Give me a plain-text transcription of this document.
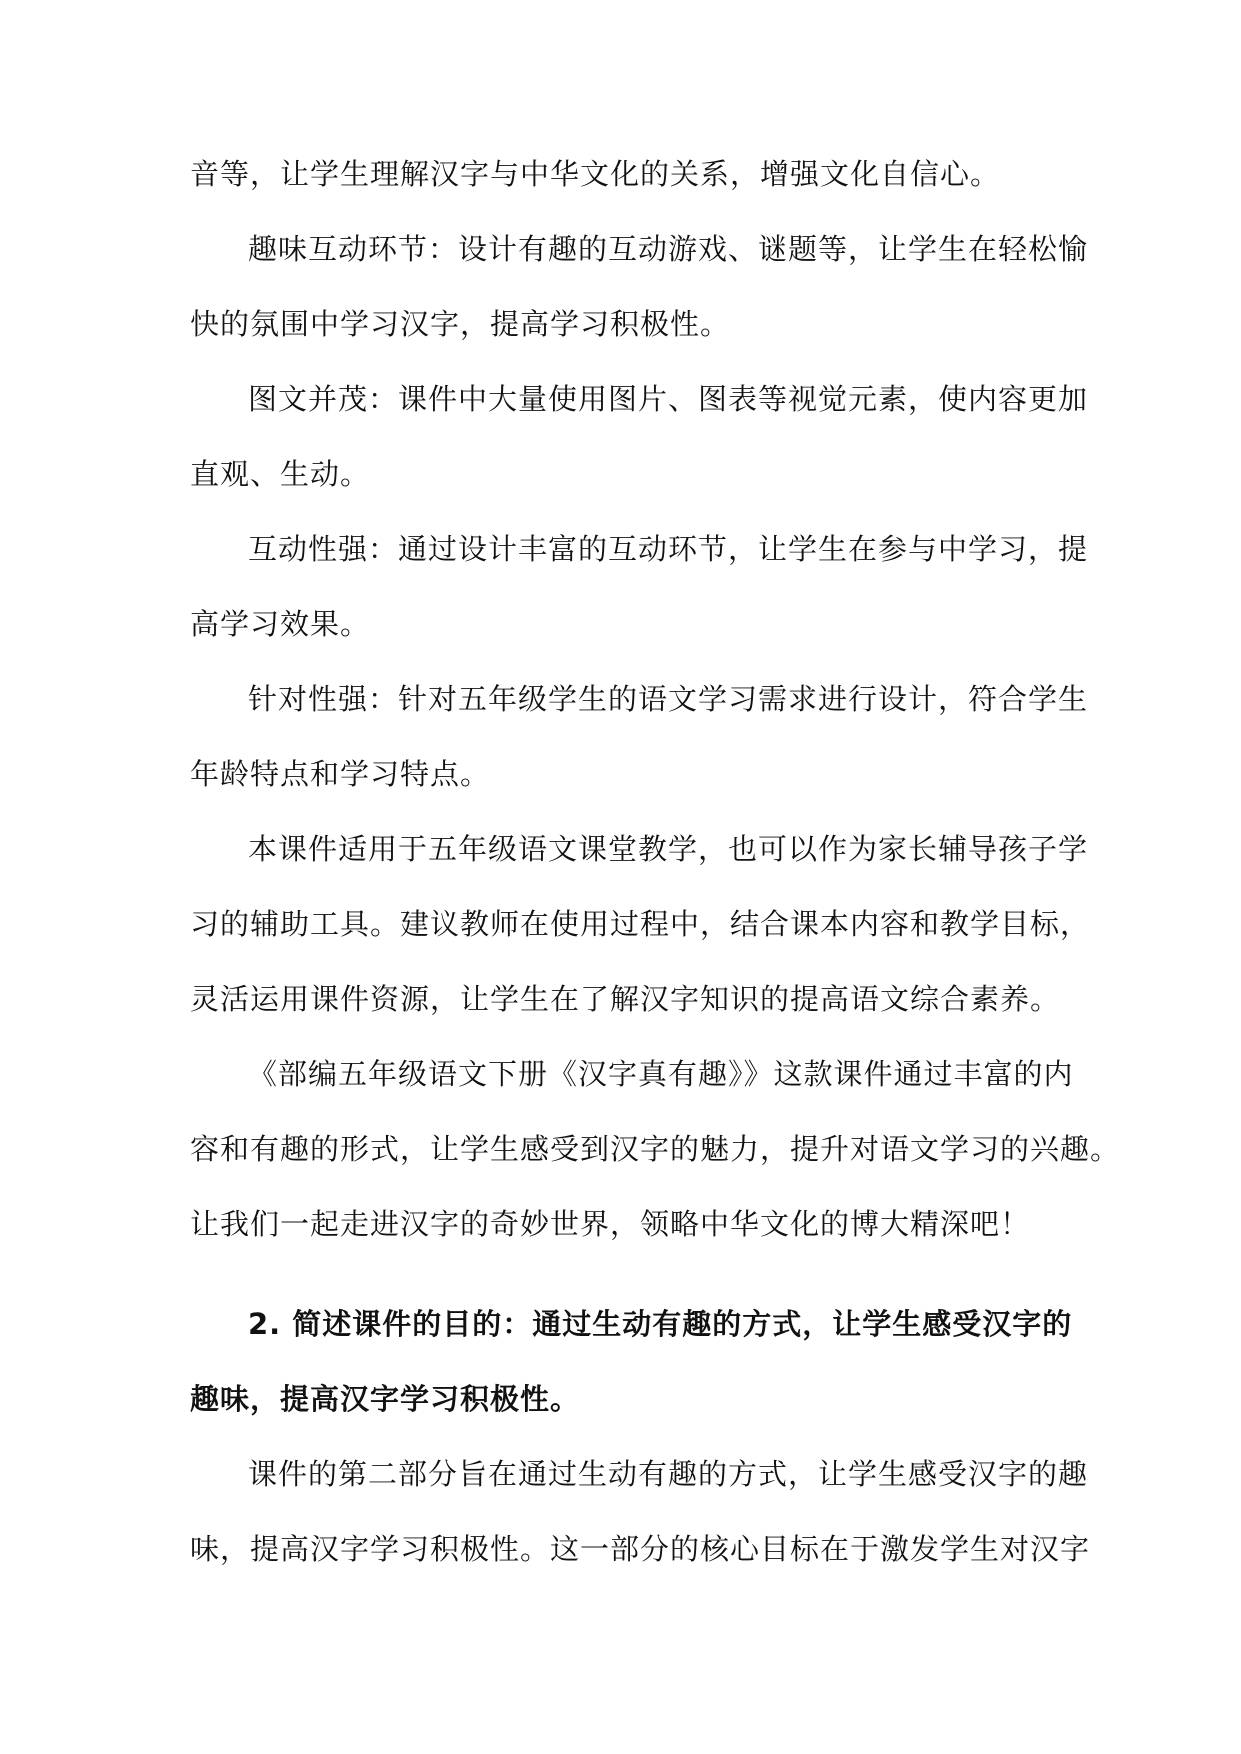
音等，让学生理解汉字与中华文化的关系，增强文化自信心。
趣味互动环节：设计有趣的互动游戏、谜题等，让学生在轻松愉
快的氛围中学习汉字，提高学习积极性。
图文并茂：课件中大量使用图片、图表等视觉元素，使内容更加
直观、生动。
互动性强：通过设计丰富的互动环节，让学生在参与中学习，提
高学习效果。
针对性强：针对五年级学生的语文学习需求进行设计，符合学生
年龄特点和学习特点。
本课件适用于五年级语文课堂教学，也可以作为家长辅导孩子学
习的辅助工具。建议教师在使用过程中，结合课本内容和教学目标，
灵活运用课件资源，让学生在了解汉字知识的提高语文综合素养。
《部编五年级语文下册《汉字真有趣》》这款课件通过丰富的内
容和有趣的形式，让学生感受到汉字的魅力，提升对语文学习的兴趣。
让我们一起走进汉字的奇妙世界，领略中华文化的博大精深吧！
2. 简述课件的目的：通过生动有趣的方式，让学生感受汉字的
趣味，提高汉字学习积极性。
课件的第二部分旨在通过生动有趣的方式，让学生感受汉字的趣
味，提高汉字学习积极性。这一部分的核心目标在于激发学生对汉字
